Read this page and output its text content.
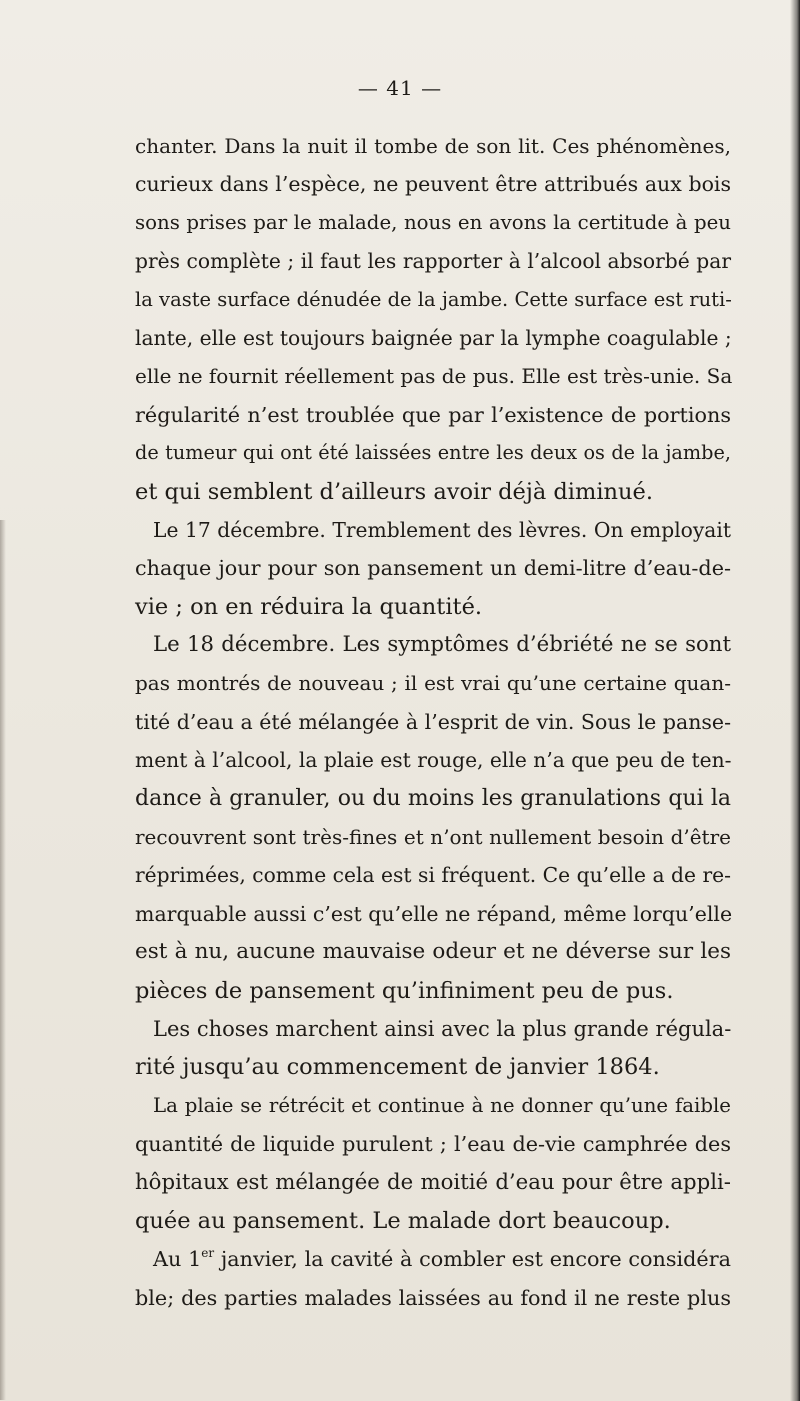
— 41 —
chanter. Dans la nuit il tombe de son lit. Ces phénomènes,
curieux dans l’espèce, ne peuvent être attribués aux bois
sons prises par le malade, nous en avons la certitude à peu
près complète ; il faut les rapporter à l’alcool absorbé par
la vaste surface dénudée de la jambe. Cette surface est ruti-
lante, elle est toujours baignée par la lymphe coagulable ;
elle ne fournit réellement pas de pus. Elle est très-unie. Sa
régularité n’est troublée que par l’existence de portions
de tumeur qui ont été laissées entre les deux os de la jambe,
et qui semblent d’ailleurs avoir déjà diminué.
Le 17 décembre. Tremblement des lèvres. On employait
chaque jour pour son pansement un demi-litre d’eau-de-
vie ; on en réduira la quantité.
Le 18 décembre. Les symptômes d’ébriété ne se sont
pas montrés de nouveau ; il est vrai qu’une certaine quan-
tité d’eau a été mélangée à l’esprit de vin. Sous le panse-
ment à l’alcool, la plaie est rouge, elle n’a que peu de ten-
dance à granuler, ou du moins les granulations qui la
recouvrent sont très-fines et n’ont nullement besoin d’être
réprimées, comme cela est si fréquent. Ce qu’elle a de re-
marquable aussi c’est qu’elle ne répand, même lorqu’elle
est à nu, aucune mauvaise odeur et ne déverse sur les
pièces de pansement qu’infiniment peu de pus.
Les choses marchent ainsi avec la plus grande régula-
rité jusqu’au commencement de janvier 1864.
La plaie se rétrécit et continue à ne donner qu’une faible
quantité de liquide purulent ; l’eau de-vie camphrée des
hôpitaux est mélangée de moitié d’eau pour être appli-
quée au pansement. Le malade dort beaucoup.
Au 1er janvier, la cavité à combler est encore considéra
ble; des parties malades laissées au fond il ne reste plus
